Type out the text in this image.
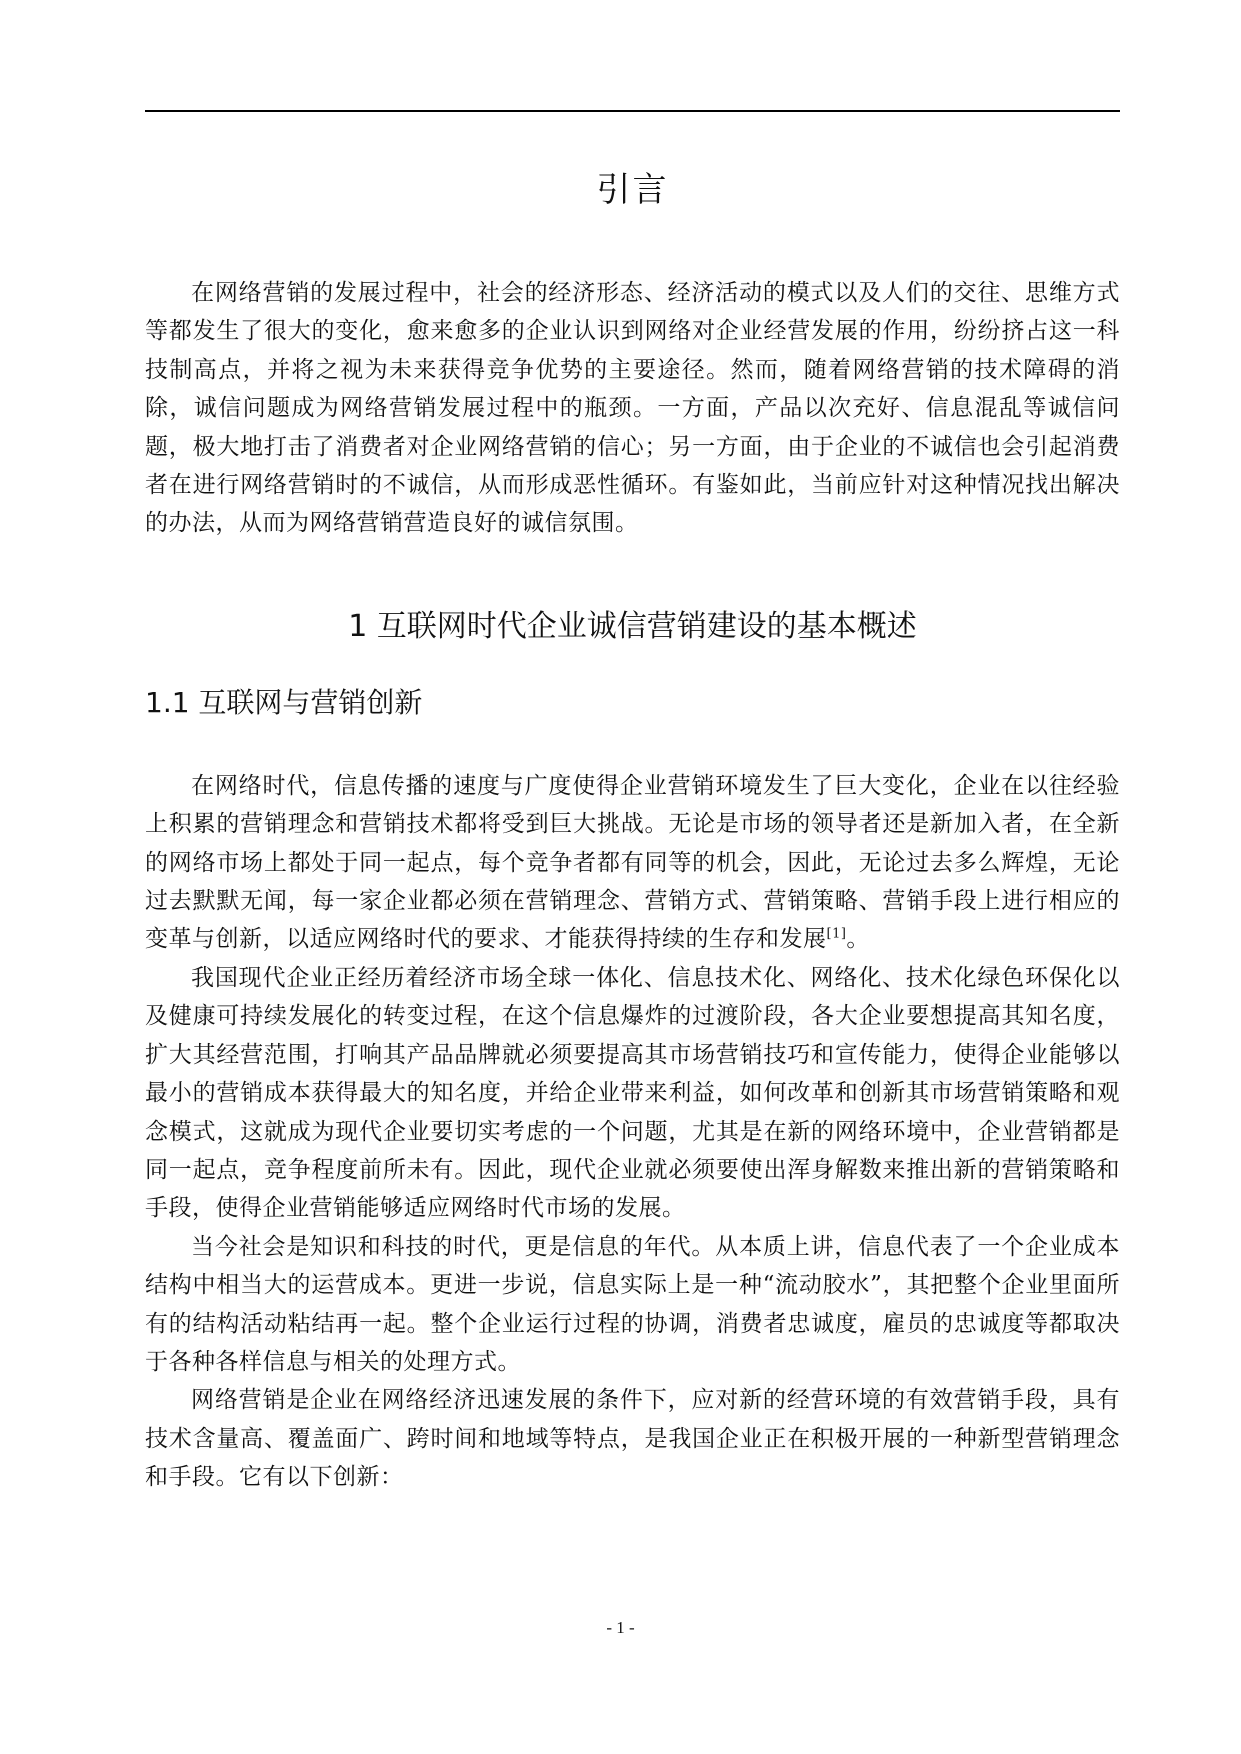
引言

在网络营销的发展过程中，社会的经济形态、经济活动的模式以及人们的交往、思维方式等都发生了很大的变化，愈来愈多的企业认识到网络对企业经营发展的作用，纷纷挤占这一科技制高点，并将之视为未来获得竞争优势的主要途径。然而，随着网络营销的技术障碍的消除，诚信问题成为网络营销发展过程中的瓶颈。一方面，产品以次充好、信息混乱等诚信问题，极大地打击了消费者对企业网络营销的信心；另一方面，由于企业的不诚信也会引起消费者在进行网络营销时的不诚信，从而形成恶性循环。有鉴如此，当前应针对这种情况找出解决的办法，从而为网络营销营造良好的诚信氛围。

1 互联网时代企业诚信营销建设的基本概述
1.1 互联网与营销创新

在网络时代，信息传播的速度与广度使得企业营销环境发生了巨大变化，企业在以往经验上积累的营销理念和营销技术都将受到巨大挑战。无论是市场的领导者还是新加入者，在全新的网络市场上都处于同一起点，每个竞争者都有同等的机会，因此，无论过去多么辉煌，无论过去默默无闻，每一家企业都必须在营销理念、营销方式、营销策略、营销手段上进行相应的变革与创新，以适应网络时代的要求、才能获得持续的生存和发展[1]。

我国现代企业正经历着经济市场全球一体化、信息技术化、网络化、技术化绿色环保化以及健康可持续发展化的转变过程，在这个信息爆炸的过渡阶段，各大企业要想提高其知名度，扩大其经营范围，打响其产品品牌就必须要提高其市场营销技巧和宣传能力，使得企业能够以最小的营销成本获得最大的知名度，并给企业带来利益，如何改革和创新其市场营销策略和观念模式，这就成为现代企业要切实考虑的一个问题，尤其是在新的网络环境中，企业营销都是同一起点，竞争程度前所未有。因此，现代企业就必须要使出浑身解数来推出新的营销策略和手段，使得企业营销能够适应网络时代市场的发展。

当今社会是知识和科技的时代，更是信息的年代。从本质上讲，信息代表了一个企业成本结构中相当大的运营成本。更进一步说，信息实际上是一种“流动胶水”，其把整个企业里面所有的结构活动粘结再一起。整个企业运行过程的协调，消费者忠诚度，雇员的忠诚度等都取决于各种各样信息与相关的处理方式。

网络营销是企业在网络经济迅速发展的条件下，应对新的经营环境的有效营销手段，具有技术含量高、覆盖面广、跨时间和地域等特点，是我国企业正在积极开展的一种新型营销理念和手段。它有以下创新：

- 1 -
